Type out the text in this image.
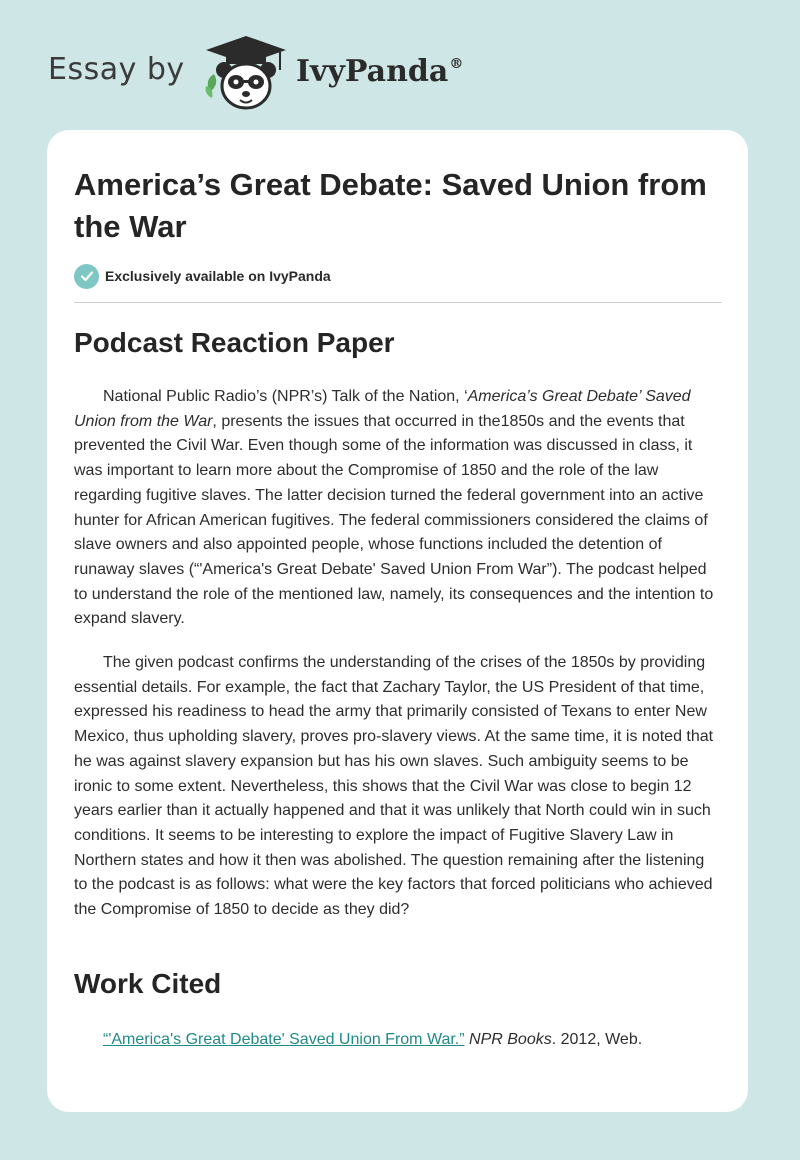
Essay by	IvyPanda®
America’s Great Debate: Saved Union from the War
Exclusively available on IvyPanda
Podcast Reaction Paper

National Public Radio’s (NPR’s) Talk of the Nation, ‘America’s Great Debate’ Saved Union from the War, presents the issues that occurred in the1850s and the events that prevented the Civil War. Even though some of the information was discussed in class, it was important to learn more about the Compromise of 1850 and the role of the law regarding fugitive slaves. The latter decision turned the federal government into an active hunter for African American fugitives. The federal commissioners considered the claims of slave owners and also appointed people, whose functions included the detention of runaway slaves (“'America's Great Debate' Saved Union From War”). The podcast helped to understand the role of the mentioned law, namely, its consequences and the intention to expand slavery.

The given podcast confirms the understanding of the crises of the 1850s by providing essential details. For example, the fact that Zachary Taylor, the US President of that time, expressed his readiness to head the army that primarily consisted of Texans to enter New Mexico, thus upholding slavery, proves pro-slavery views. At the same time, it is noted that he was against slavery expansion but has his own slaves. Such ambiguity seems to be ironic to some extent. Nevertheless, this shows that the Civil War was close to begin 12 years earlier than it actually happened and that it was unlikely that North could win in such conditions. It seems to be interesting to explore the impact of Fugitive Slavery Law in Northern states and how it then was abolished. The question remaining after the listening to the podcast is as follows: what were the key factors that forced politicians who achieved the Compromise of 1850 to decide as they did?

Work Cited

“'America's Great Debate' Saved Union From War.” NPR Books. 2012, Web.
